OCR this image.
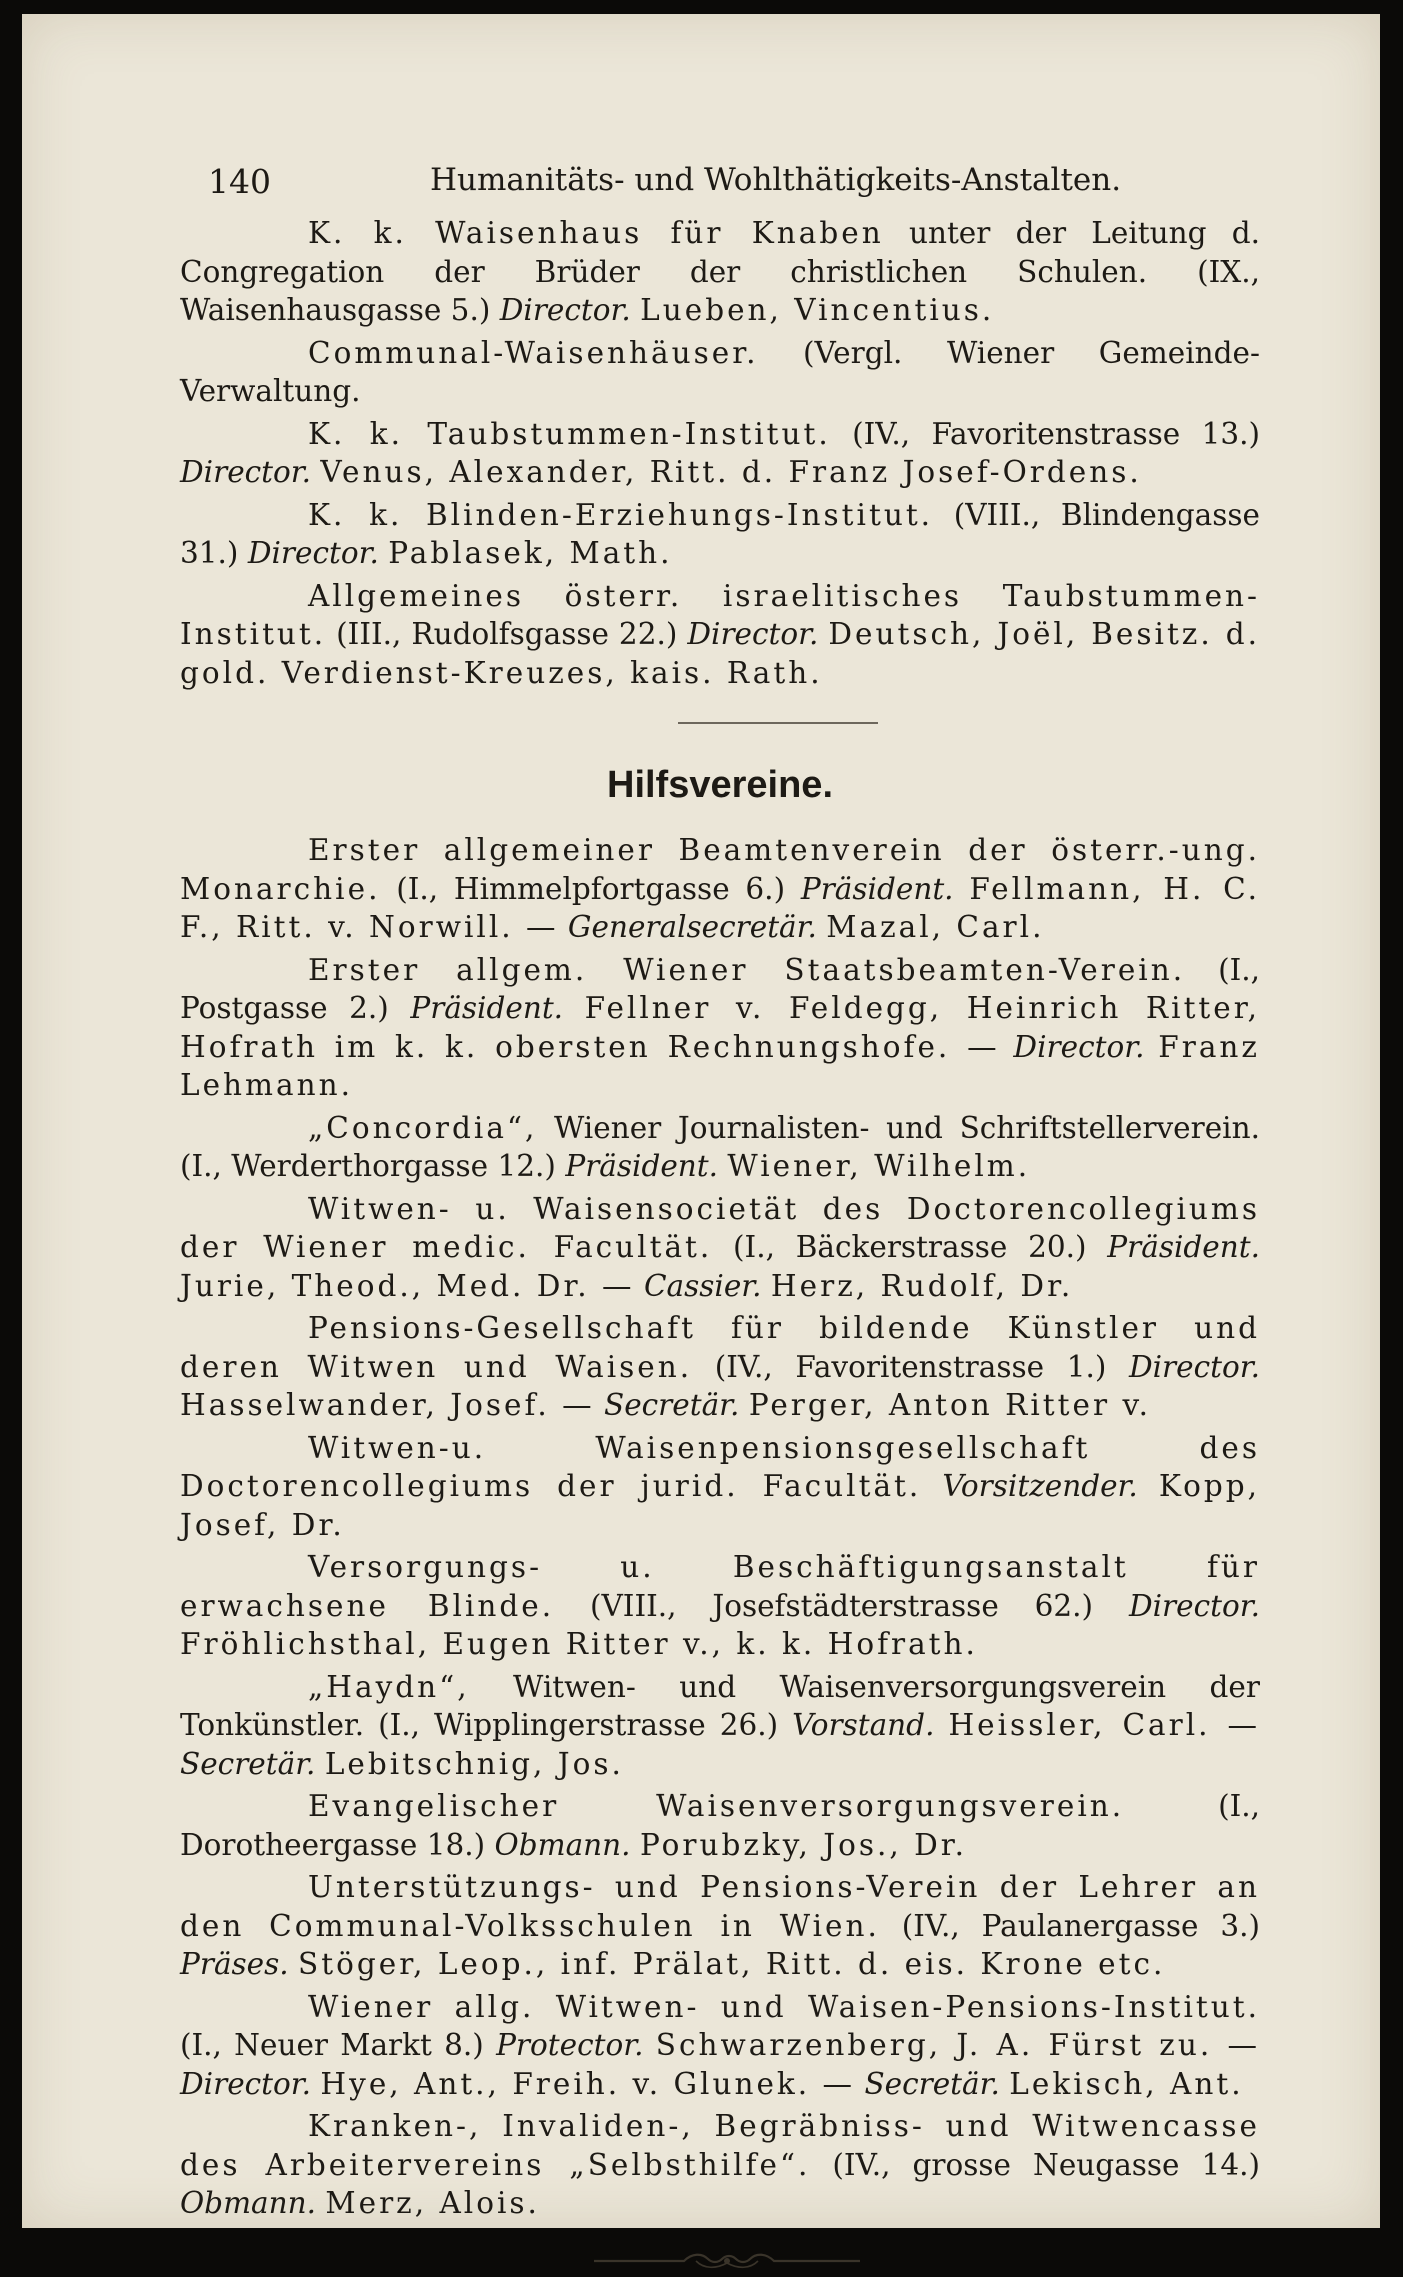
140	Humanitäts- und Wohlthätigkeits-Anstalten.

K. k. Waisenhaus für Knaben unter der Leitung d. Congregation der Brüder der christlichen Schulen. (IX., Waisenhausgasse 5.) Director. Lueben, Vincentius.

Communal-Waisenhäuser. (Vergl. Wiener Gemeinde-Verwaltung.

K. k. Taubstummen-Institut. (IV., Favoritenstrasse 13.) Director. Venus, Alexander, Ritt. d. Franz Josef-Ordens.

K. k. Blinden-Erziehungs-Institut. (VIII., Blindengasse 31.) Director. Pablasek, Math.

Allgemeines österr. israelitisches Taubstummen-Institut. (III., Rudolfsgasse 22.) Director. Deutsch, Joël, Besitz. d. gold. Verdienst-Kreuzes, kais. Rath.

Hilfsvereine.

Erster allgemeiner Beamtenverein der österr.-ung. Monarchie. (I., Himmelpfortgasse 6.) Präsident. Fellmann, H. C. F., Ritt. v. Norwill. — Generalsecretär. Mazal, Carl.

Erster allgem. Wiener Staatsbeamten-Verein. (I., Postgasse 2.) Präsident. Fellner v. Feldegg, Heinrich Ritter, Hofrath im k. k. obersten Rechnungshofe. — Director. Franz Lehmann.

„Concordia“, Wiener Journalisten- und Schriftstellerverein. (I., Werderthorgasse 12.) Präsident. Wiener, Wilhelm.

Witwen- u. Waisensocietät des Doctorencollegiums der Wiener medic. Facultät. (I., Bäckerstrasse 20.) Präsident. Jurie, Theod., Med. Dr. — Cassier. Herz, Rudolf, Dr.

Pensions-Gesellschaft für bildende Künstler und deren Witwen und Waisen. (IV., Favoritenstrasse 1.) Director. Hasselwander, Josef. — Secretär. Perger, Anton Ritter v.

Witwen-u. Waisenpensionsgesellschaft des Doctorencollegiums der jurid. Facultät. Vorsitzender. Kopp, Josef, Dr.

Versorgungs- u. Beschäftigungsanstalt für erwachsene Blinde. (VIII., Josefstädterstrasse 62.) Director. Fröhlichsthal, Eugen Ritter v., k. k. Hofrath.

„Haydn“, Witwen- und Waisenversorgungsverein der Tonkünstler. (I., Wipplingerstrasse 26.) Vorstand. Heissler, Carl. — Secretär. Lebitschnig, Jos.

Evangelischer Waisenversorgungsverein.	(I., Dorotheergasse 18.) Obmann. Porubzky, Jos., Dr.

Unterstützungs- und Pensions-Verein der Lehrer an den Communal-Volksschulen in Wien. (IV., Paulanergasse 3.) Präses. Stöger, Leop., inf. Prälat, Ritt. d. eis. Krone etc.

Wiener allg. Witwen- und Waisen-Pensions-Institut. (I., Neuer Markt 8.) Protector. Schwarzenberg, J. A. Fürst zu. — Director. Hye, Ant., Freih. v. Glunek. — Secretär. Lekisch, Ant.

Kranken-, Invaliden-, Begräbniss- und Witwencasse des Arbeitervereins „Selbsthilfe“. (IV., grosse Neugasse 14.) Obmann. Merz, Alois.
